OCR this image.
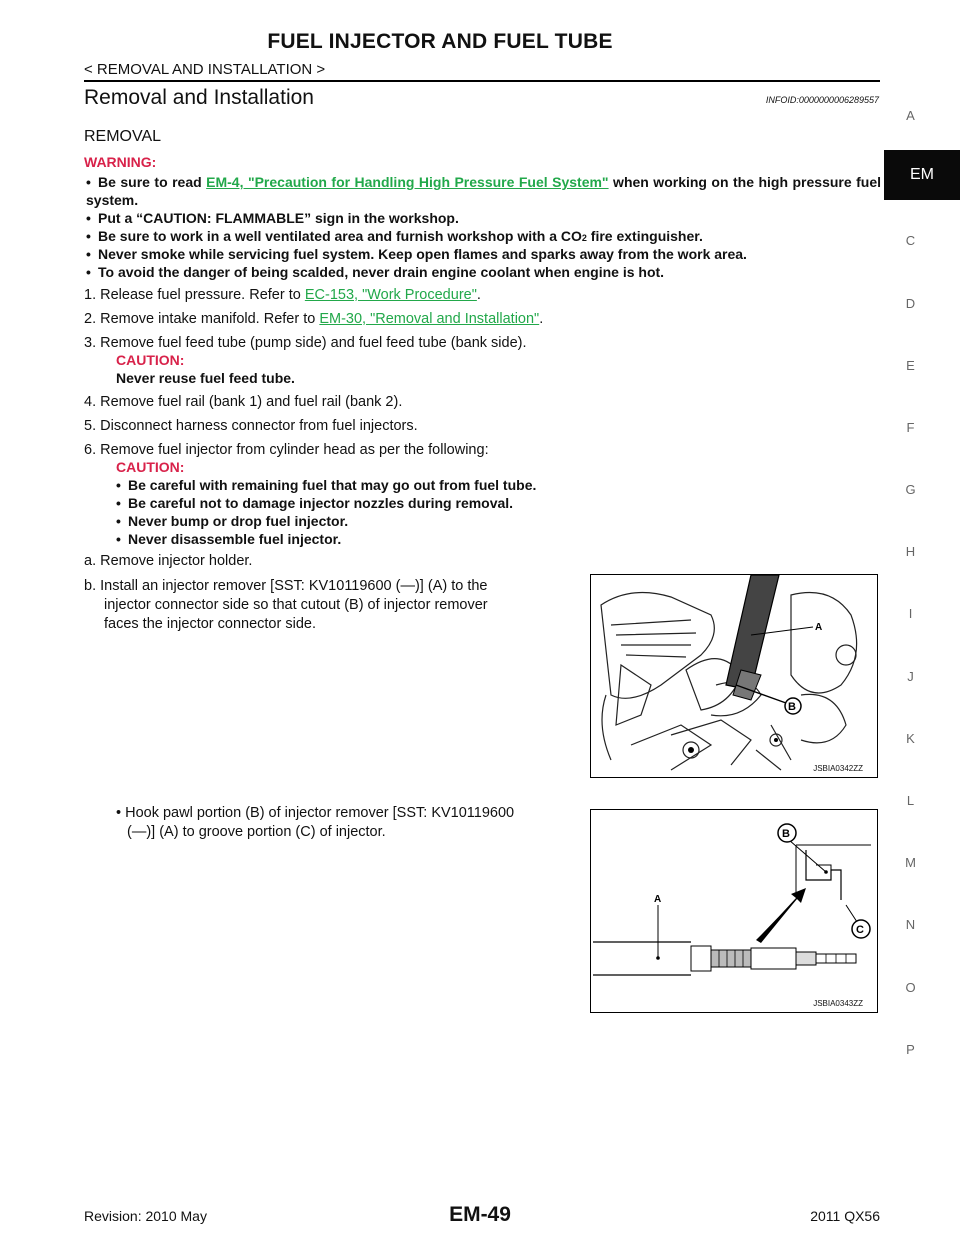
FUEL INJECTOR AND FUEL TUBE
< REMOVAL AND INSTALLATION >
Removal and Installation	INFOID:0000000006289557
REMOVAL
WARNING:
• Be sure to read EM-4, "Precaution for Handling High Pressure Fuel System" when working on the high pressure fuel system.
• Put a “CAUTION: FLAMMABLE” sign in the workshop.
• Be sure to work in a well ventilated area and furnish workshop with a CO2 fire extinguisher.
• Never smoke while servicing fuel system. Keep open flames and sparks away from the work area.
• To avoid the danger of being scalded, never drain engine coolant when engine is hot.
1. Release fuel pressure. Refer to EC-153, "Work Procedure".
2. Remove intake manifold. Refer to EM-30, "Removal and Installation".
3. Remove fuel feed tube (pump side) and fuel feed tube (bank side).
CAUTION:
Never reuse fuel feed tube.
4. Remove fuel rail (bank 1) and fuel rail (bank 2).
5. Disconnect harness connector from fuel injectors.
6. Remove fuel injector from cylinder head as per the following:
CAUTION:
• Be careful with remaining fuel that may go out from fuel tube.
• Be careful not to damage injector nozzles during removal.
• Never bump or drop fuel injector.
• Never disassemble fuel injector.
a. Remove injector holder.
b. Install an injector remover [SST: KV10119600 (—)] (A) to the
injector connector side so that cutout (B) of injector remover
faces the injector connector side.
• Hook pawl portion (B) of injector remover [SST: KV10119600
(—)] (A) to groove portion (C) of injector.
A
B
JSBIA0342ZZ
A
B
C
JSBIA0343ZZ
A
EM
C
D
E
F
G
H
I
J
K
L
M
N
O
P
Revision: 2010 May	EM-49	2011 QX56
